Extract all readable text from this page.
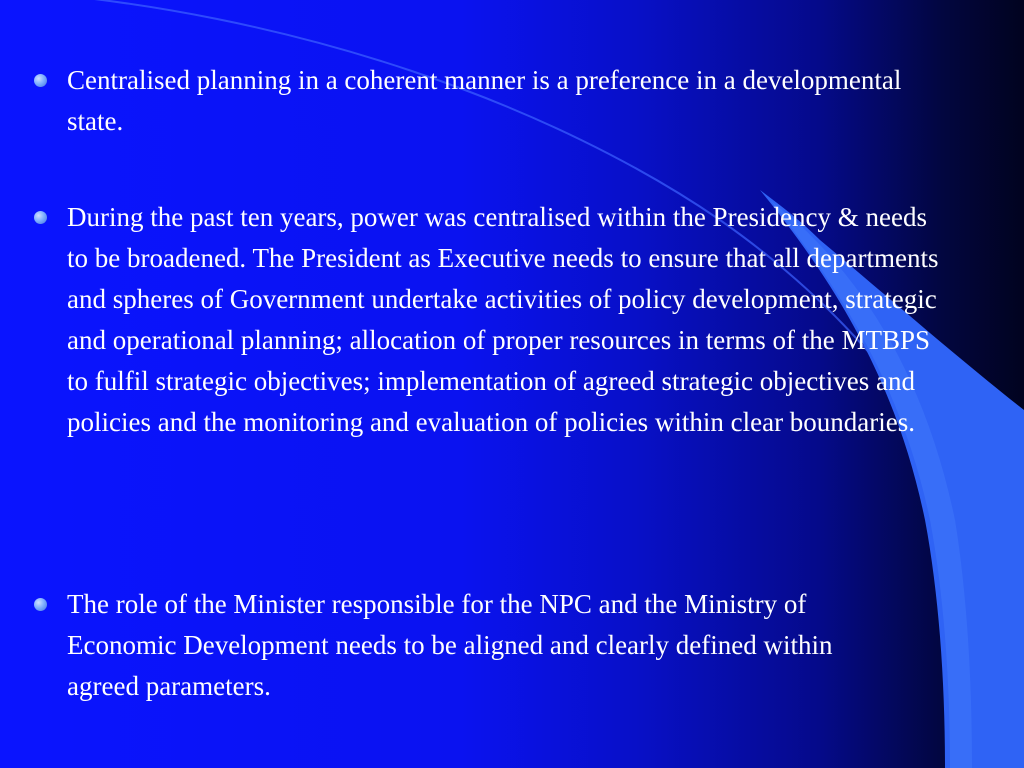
Centralised planning in a coherent manner is a preference in a developmental state.
During the past ten years, power was centralised within the Presidency & needs to be broadened. The President as Executive needs to ensure that all departments and spheres of Government undertake activities of policy development, strategic and operational planning; allocation of proper resources in terms of the MTBPS to fulfil strategic objectives; implementation of agreed strategic objectives and policies and the monitoring and evaluation of policies within clear boundaries.
The role of the Minister responsible for the NPC and the Ministry of Economic Development needs to be aligned and clearly defined within agreed parameters.
